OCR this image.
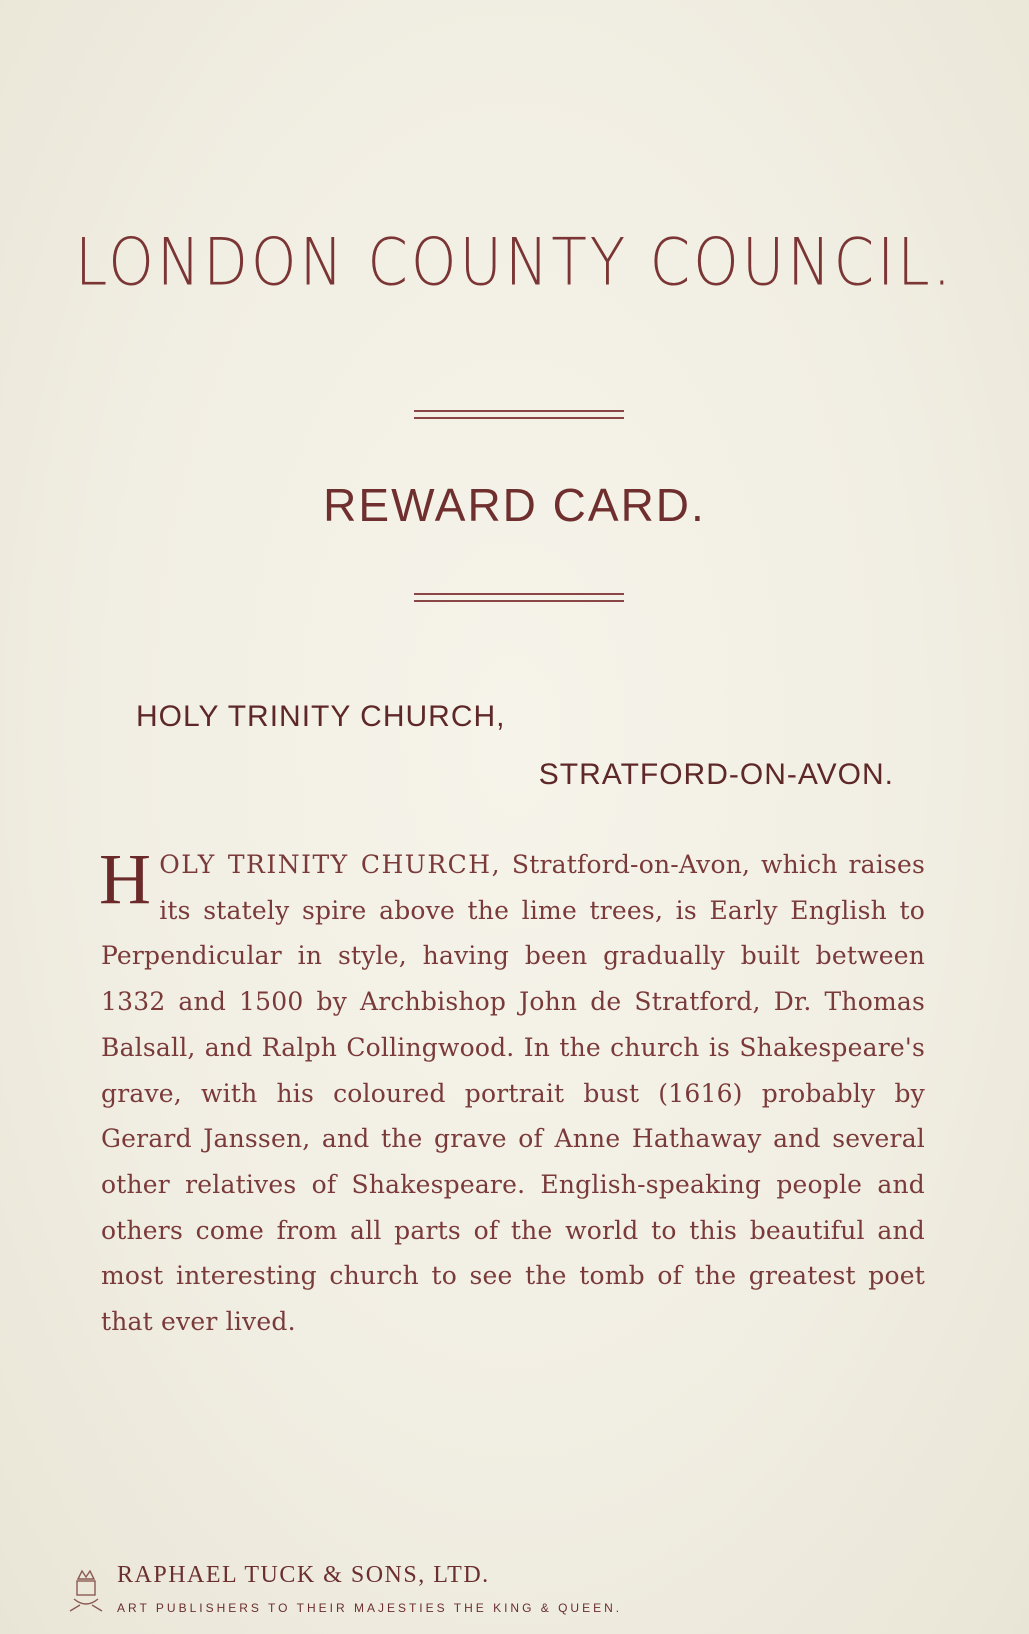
LONDON COUNTY COUNCIL.
REWARD CARD.
HOLY TRINITY CHURCH,
STRATFORD-ON-AVON.
HOLY TRINITY CHURCH, Stratford-on-Avon, which raises its stately spire above the lime trees, is Early English to Perpendicular in style, having been gradually built between 1332 and 1500 by Archbishop John de Stratford, Dr. Thomas Balsall, and Ralph Collingwood. In the church is Shakespeare's grave, with his coloured portrait bust (1616) probably by Gerard Janssen, and the grave of Anne Hathaway and several other relatives of Shakespeare. English-speaking people and others come from all parts of the world to this beautiful and most interesting church to see the tomb of the greatest poet that ever lived.
RAPHAEL TUCK & SONS, LTD.
ART PUBLISHERS TO THEIR MAJESTIES THE KING & QUEEN.
